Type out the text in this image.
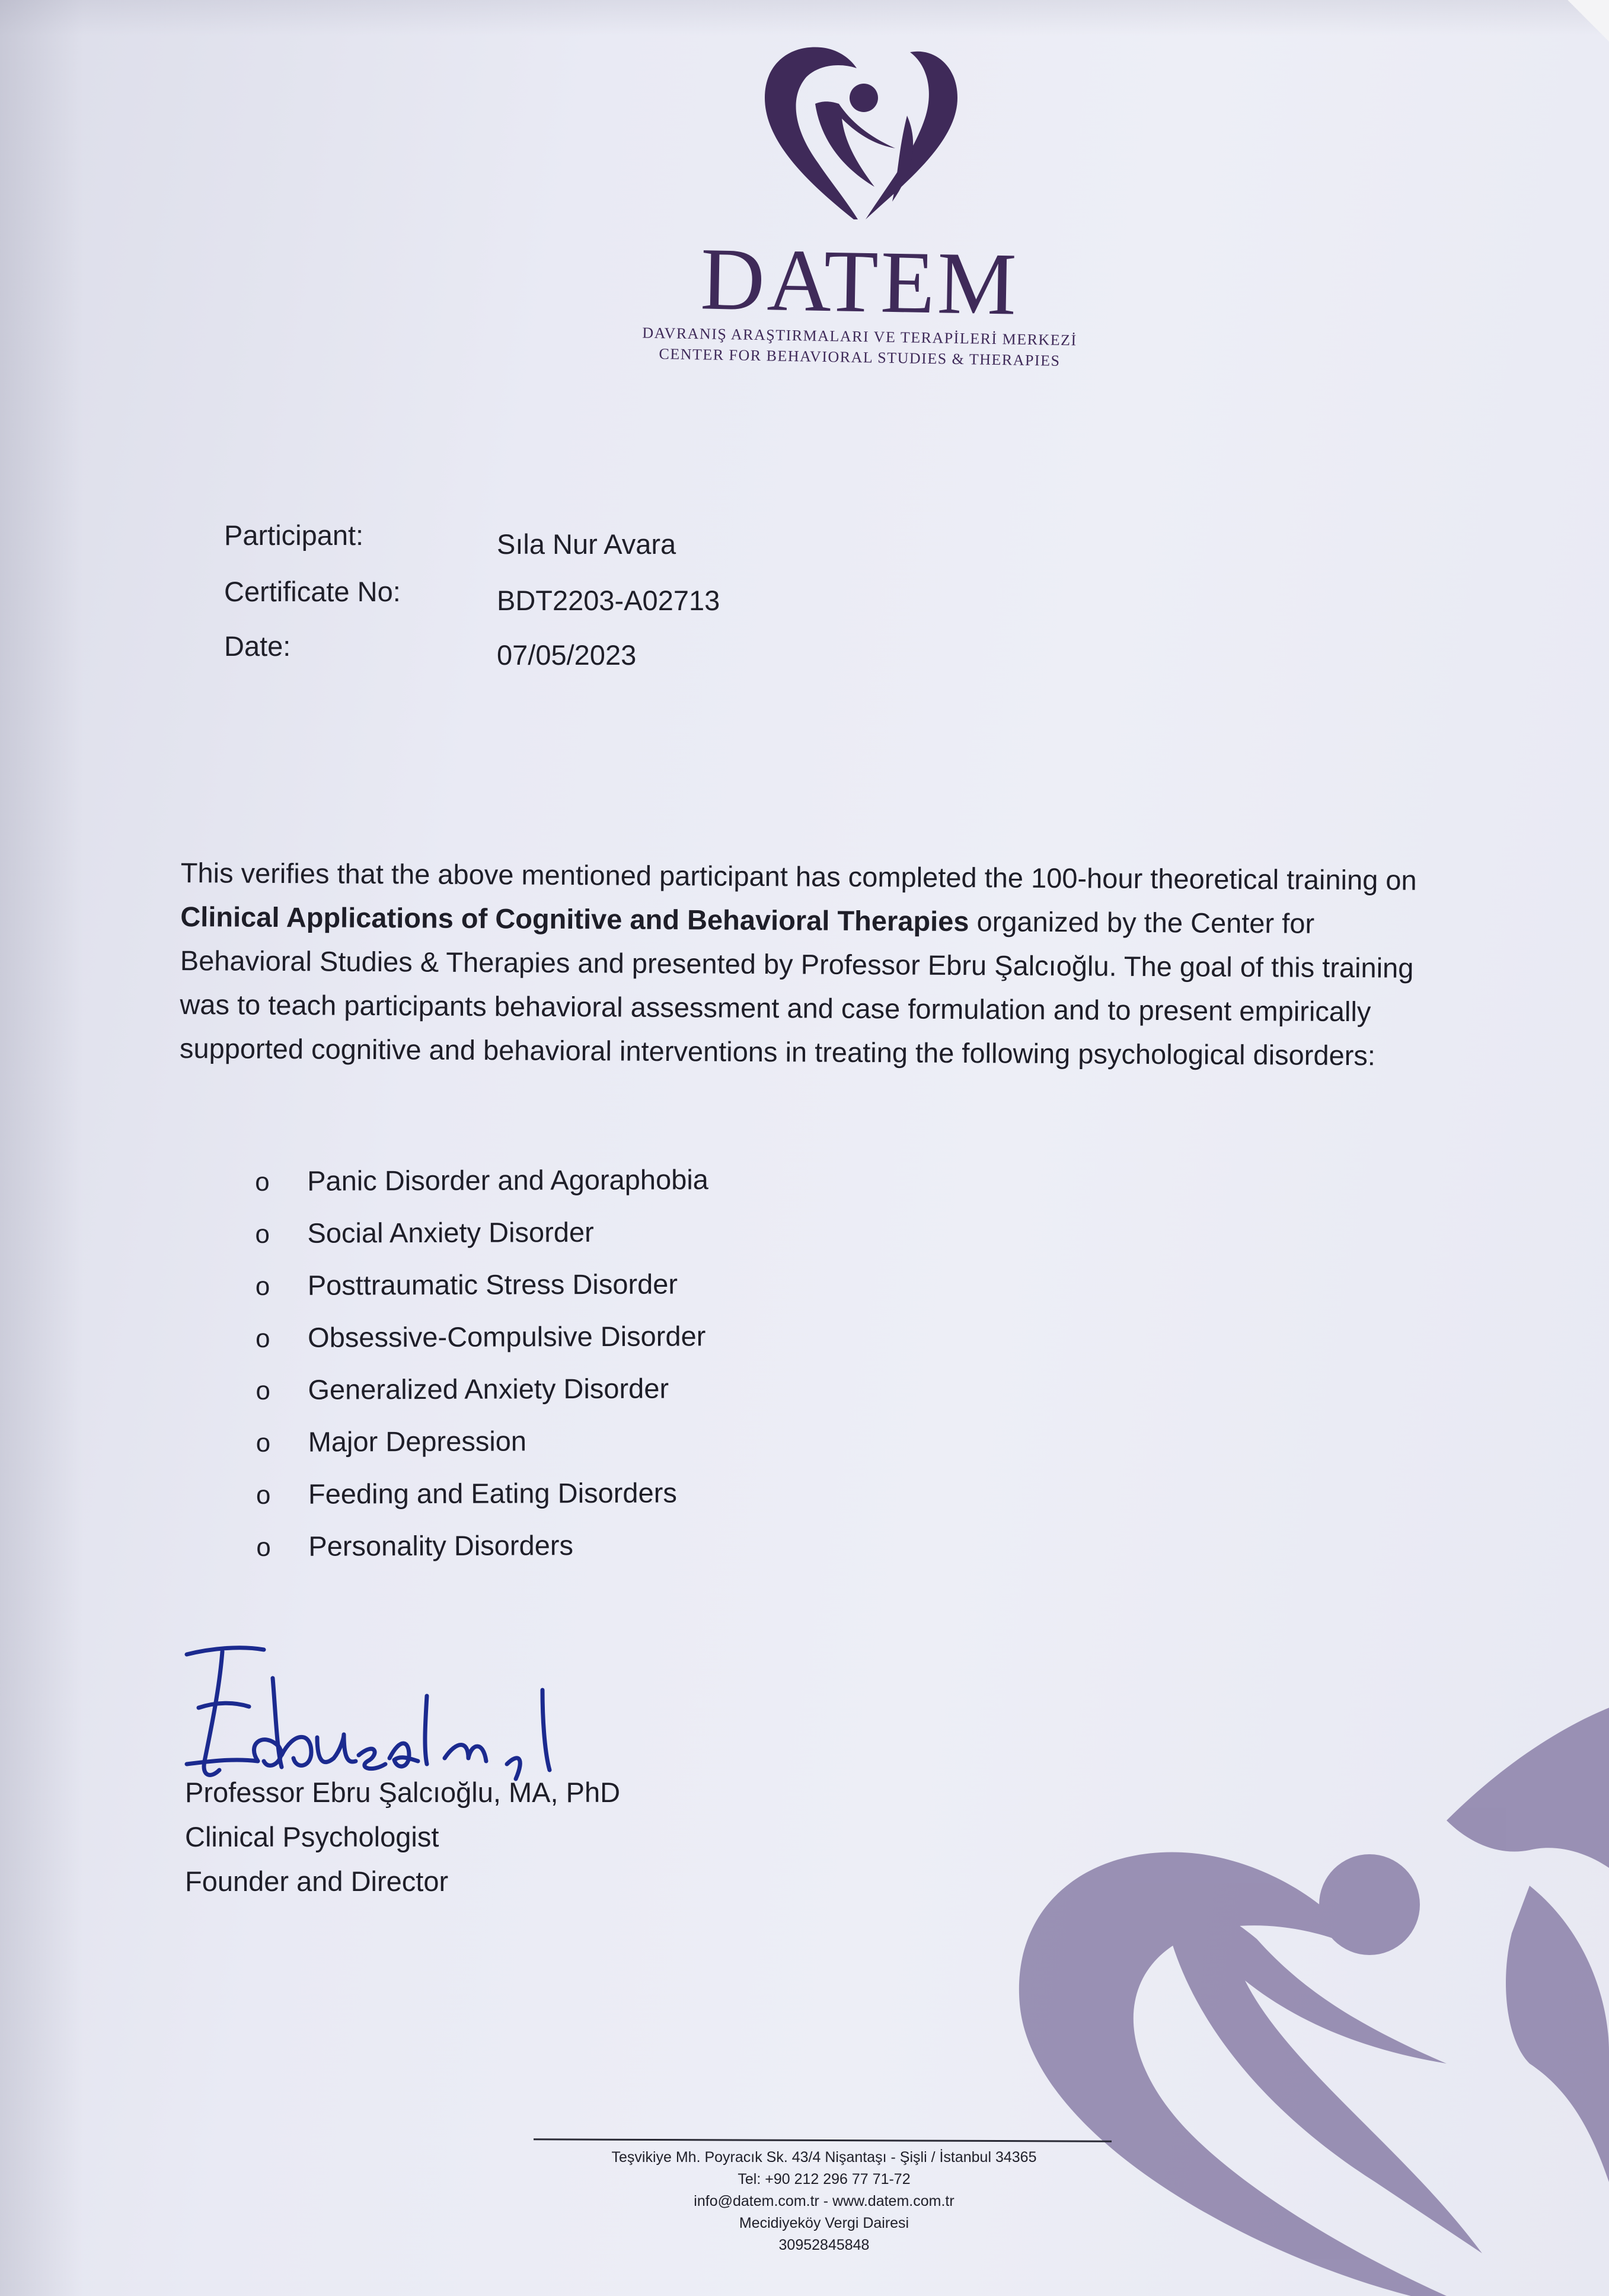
DATEM
DAVRANIŞ ARAŞTIRMALARI VE TERAPİLERİ MERKEZİ
CENTER FOR BEHAVIORAL STUDIES & THERAPIES
Participant:	Sıla Nur Avara
Certificate No:	BDT2203-A02713
Date:	07/05/2023
This verifies that the above mentioned participant has completed the 100-hour theoretical training on Clinical Applications of Cognitive and Behavioral Therapies organized by the Center for Behavioral Studies & Therapies and presented by Professor Ebru Şalcıoğlu. The goal of this training was to teach participants behavioral assessment and case formulation and to present empirically supported cognitive and behavioral interventions in treating the following psychological disorders:
o Panic Disorder and Agoraphobia
o Social Anxiety Disorder
o Posttraumatic Stress Disorder
o Obsessive-Compulsive Disorder
o Generalized Anxiety Disorder
o Major Depression
o Feeding and Eating Disorders
o Personality Disorders
Professor Ebru Şalcıoğlu, MA, PhD
Clinical Psychologist
Founder and Director
Teşvikiye Mh. Poyracık Sk. 43/4 Nişantaşı - Şişli / İstanbul 34365
Tel: +90 212 296 77 71-72
info@datem.com.tr - www.datem.com.tr
Mecidiyeköy Vergi Dairesi
30952845848
